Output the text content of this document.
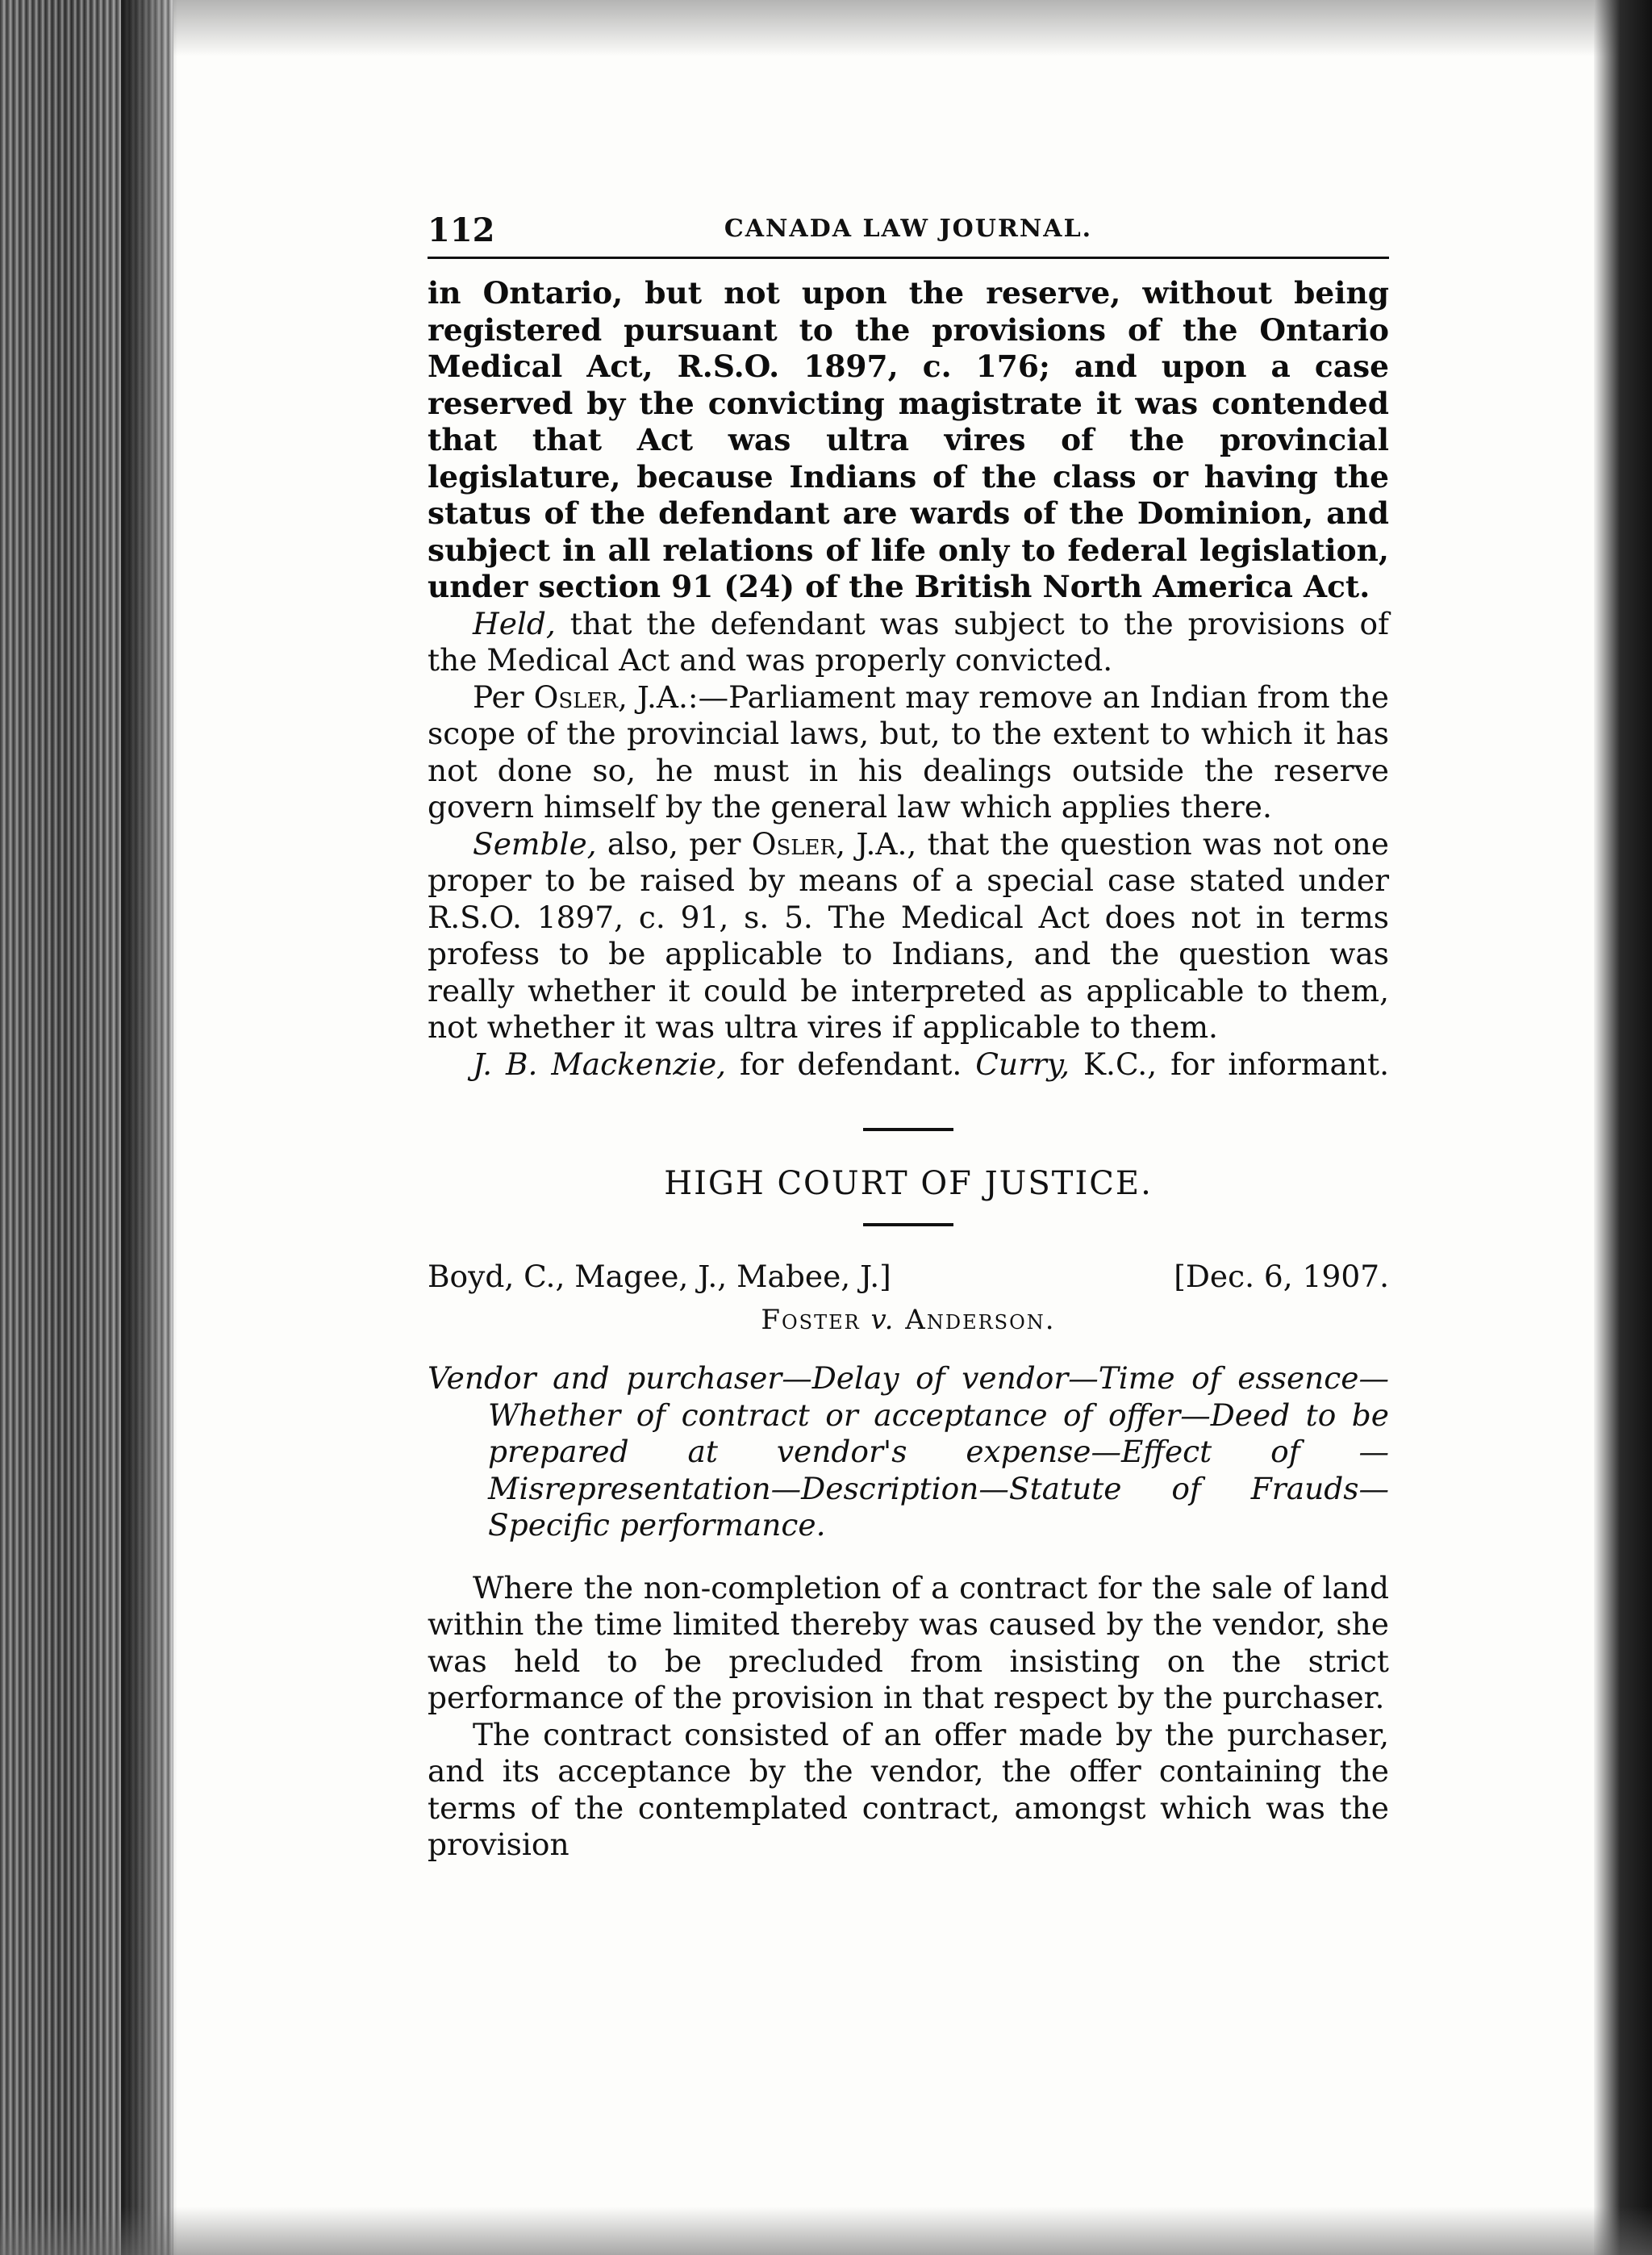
112	CANADA LAW JOURNAL.

in Ontario, but not upon the reserve, without being registered pursuant to the provisions of the Ontario Medical Act, R.S.O. 1897, c. 176; and upon a case reserved by the convicting magistrate it was contended that that Act was ultra vires of the provincial legislature, because Indians of the class or having the status of the defendant are wards of the Dominion, and subject in all relations of life only to federal legislation, under section 91 (24) of the British North America Act.

Held, that the defendant was subject to the provisions of the Medical Act and was properly convicted.

Per Osler, J.A.:—Parliament may remove an Indian from the scope of the provincial laws, but, to the extent to which it has not done so, he must in his dealings outside the reserve govern himself by the general law which applies there.

Semble, also, per Osler, J.A., that the question was not one proper to be raised by means of a special case stated under R.S.O. 1897, c. 91, s. 5. The Medical Act does not in terms profess to be applicable to Indians, and the question was really whether it could be interpreted as applicable to them, not whether it was ultra vires if applicable to them.

J. B. Mackenzie, for defendant. Curry, K.C., for informant.

HIGH COURT OF JUSTICE.

Boyd, C., Magee, J., Mabee, J.]	[Dec. 6, 1907.

Foster v. Anderson.

Vendor and purchaser—Delay of vendor—Time of essence—Whether of contract or acceptance of offer—Deed to be prepared at vendor's expense—Effect of —Misrepresentation—Description—Statute of Frauds—Specific performance.

Where the non-completion of a contract for the sale of land within the time limited thereby was caused by the vendor, she was held to be precluded from insisting on the strict performance of the provision in that respect by the purchaser.

The contract consisted of an offer made by the purchaser, and its acceptance by the vendor, the offer containing the terms of the contemplated contract, amongst which was the provision
